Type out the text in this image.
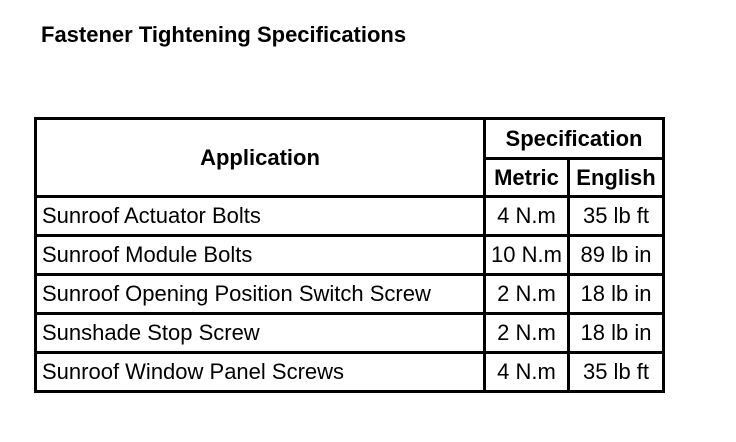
Fastener Tightening Specifications
Application	Specification	
	Metric	English
Sunroof Actuator Bolts	4 N.m	35 lb ft
Sunroof Module Bolts	10 N.m	89 lb in
Sunroof Opening Position Switch Screw	2 N.m	18 lb in
Sunshade Stop Screw	2 N.m	18 lb in
Sunroof Window Panel Screws	4 N.m	35 lb ft
